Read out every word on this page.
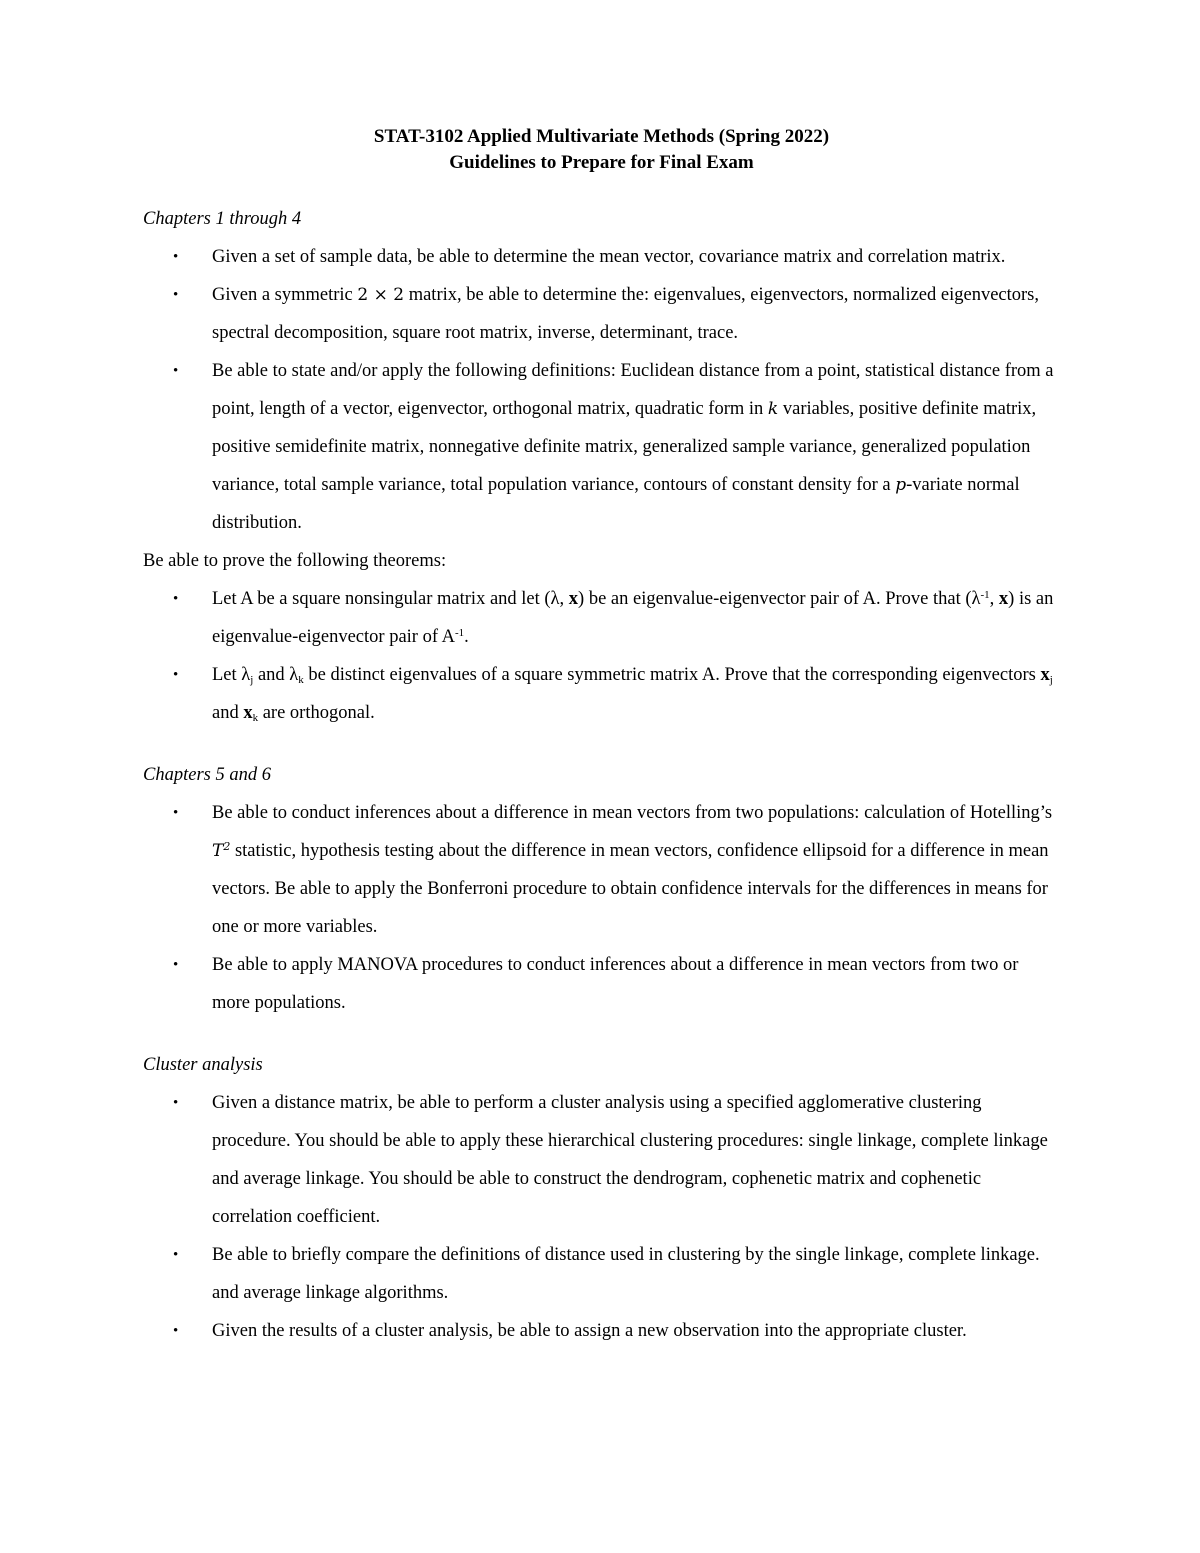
STAT-3102 Applied Multivariate Methods (Spring 2022)

Guidelines to Prepare for Final Exam

Chapters 1 through 4

• Given a set of sample data, be able to determine the mean vector, covariance matrix and correlation matrix.
• Given a symmetric 2 × 2 matrix, be able to determine the: eigenvalues, eigenvectors, normalized eigenvectors, spectral decomposition, square root matrix, inverse, determinant, trace.
• Be able to state and/or apply the following definitions: Euclidean distance from a point, statistical distance from a point, length of a vector, eigenvector, orthogonal matrix, quadratic form in k variables, positive definite matrix, positive semidefinite matrix, nonnegative definite matrix, generalized sample variance, generalized population variance, total sample variance, total population variance, contours of constant density for a p-variate normal distribution.

Be able to prove the following theorems:

• Let A be a square nonsingular matrix and let (λ, x) be an eigenvalue-eigenvector pair of A. Prove that ($\lambda^{-1}$, x) is an eigenvalue-eigenvector pair of $A^{-1}$.
• Let $\lambda_j$ and $\lambda_k$ be distinct eigenvalues of a square symmetric matrix A. Prove that the corresponding eigenvectors $x_j$ and $x_k$ are orthogonal.

Chapters 5 and 6

• Be able to conduct inferences about a difference in mean vectors from two populations: calculation of Hotelling’s $T^2$ statistic, hypothesis testing about the difference in mean vectors, confidence ellipsoid for a difference in mean vectors. Be able to apply the Bonferroni procedure to obtain confidence intervals for the differences in means for one or more variables.
• Be able to apply MANOVA procedures to conduct inferences about a difference in mean vectors from two or more populations.

Cluster analysis

• Given a distance matrix, be able to perform a cluster analysis using a specified agglomerative clustering procedure. You should be able to apply these hierarchical clustering procedures: single linkage, complete linkage and average linkage. You should be able to construct the dendrogram, cophenetic matrix and cophenetic correlation coefficient.
• Be able to briefly compare the definitions of distance used in clustering by the single linkage, complete linkage. and average linkage algorithms.
• Given the results of a cluster analysis, be able to assign a new observation into the appropriate cluster.
